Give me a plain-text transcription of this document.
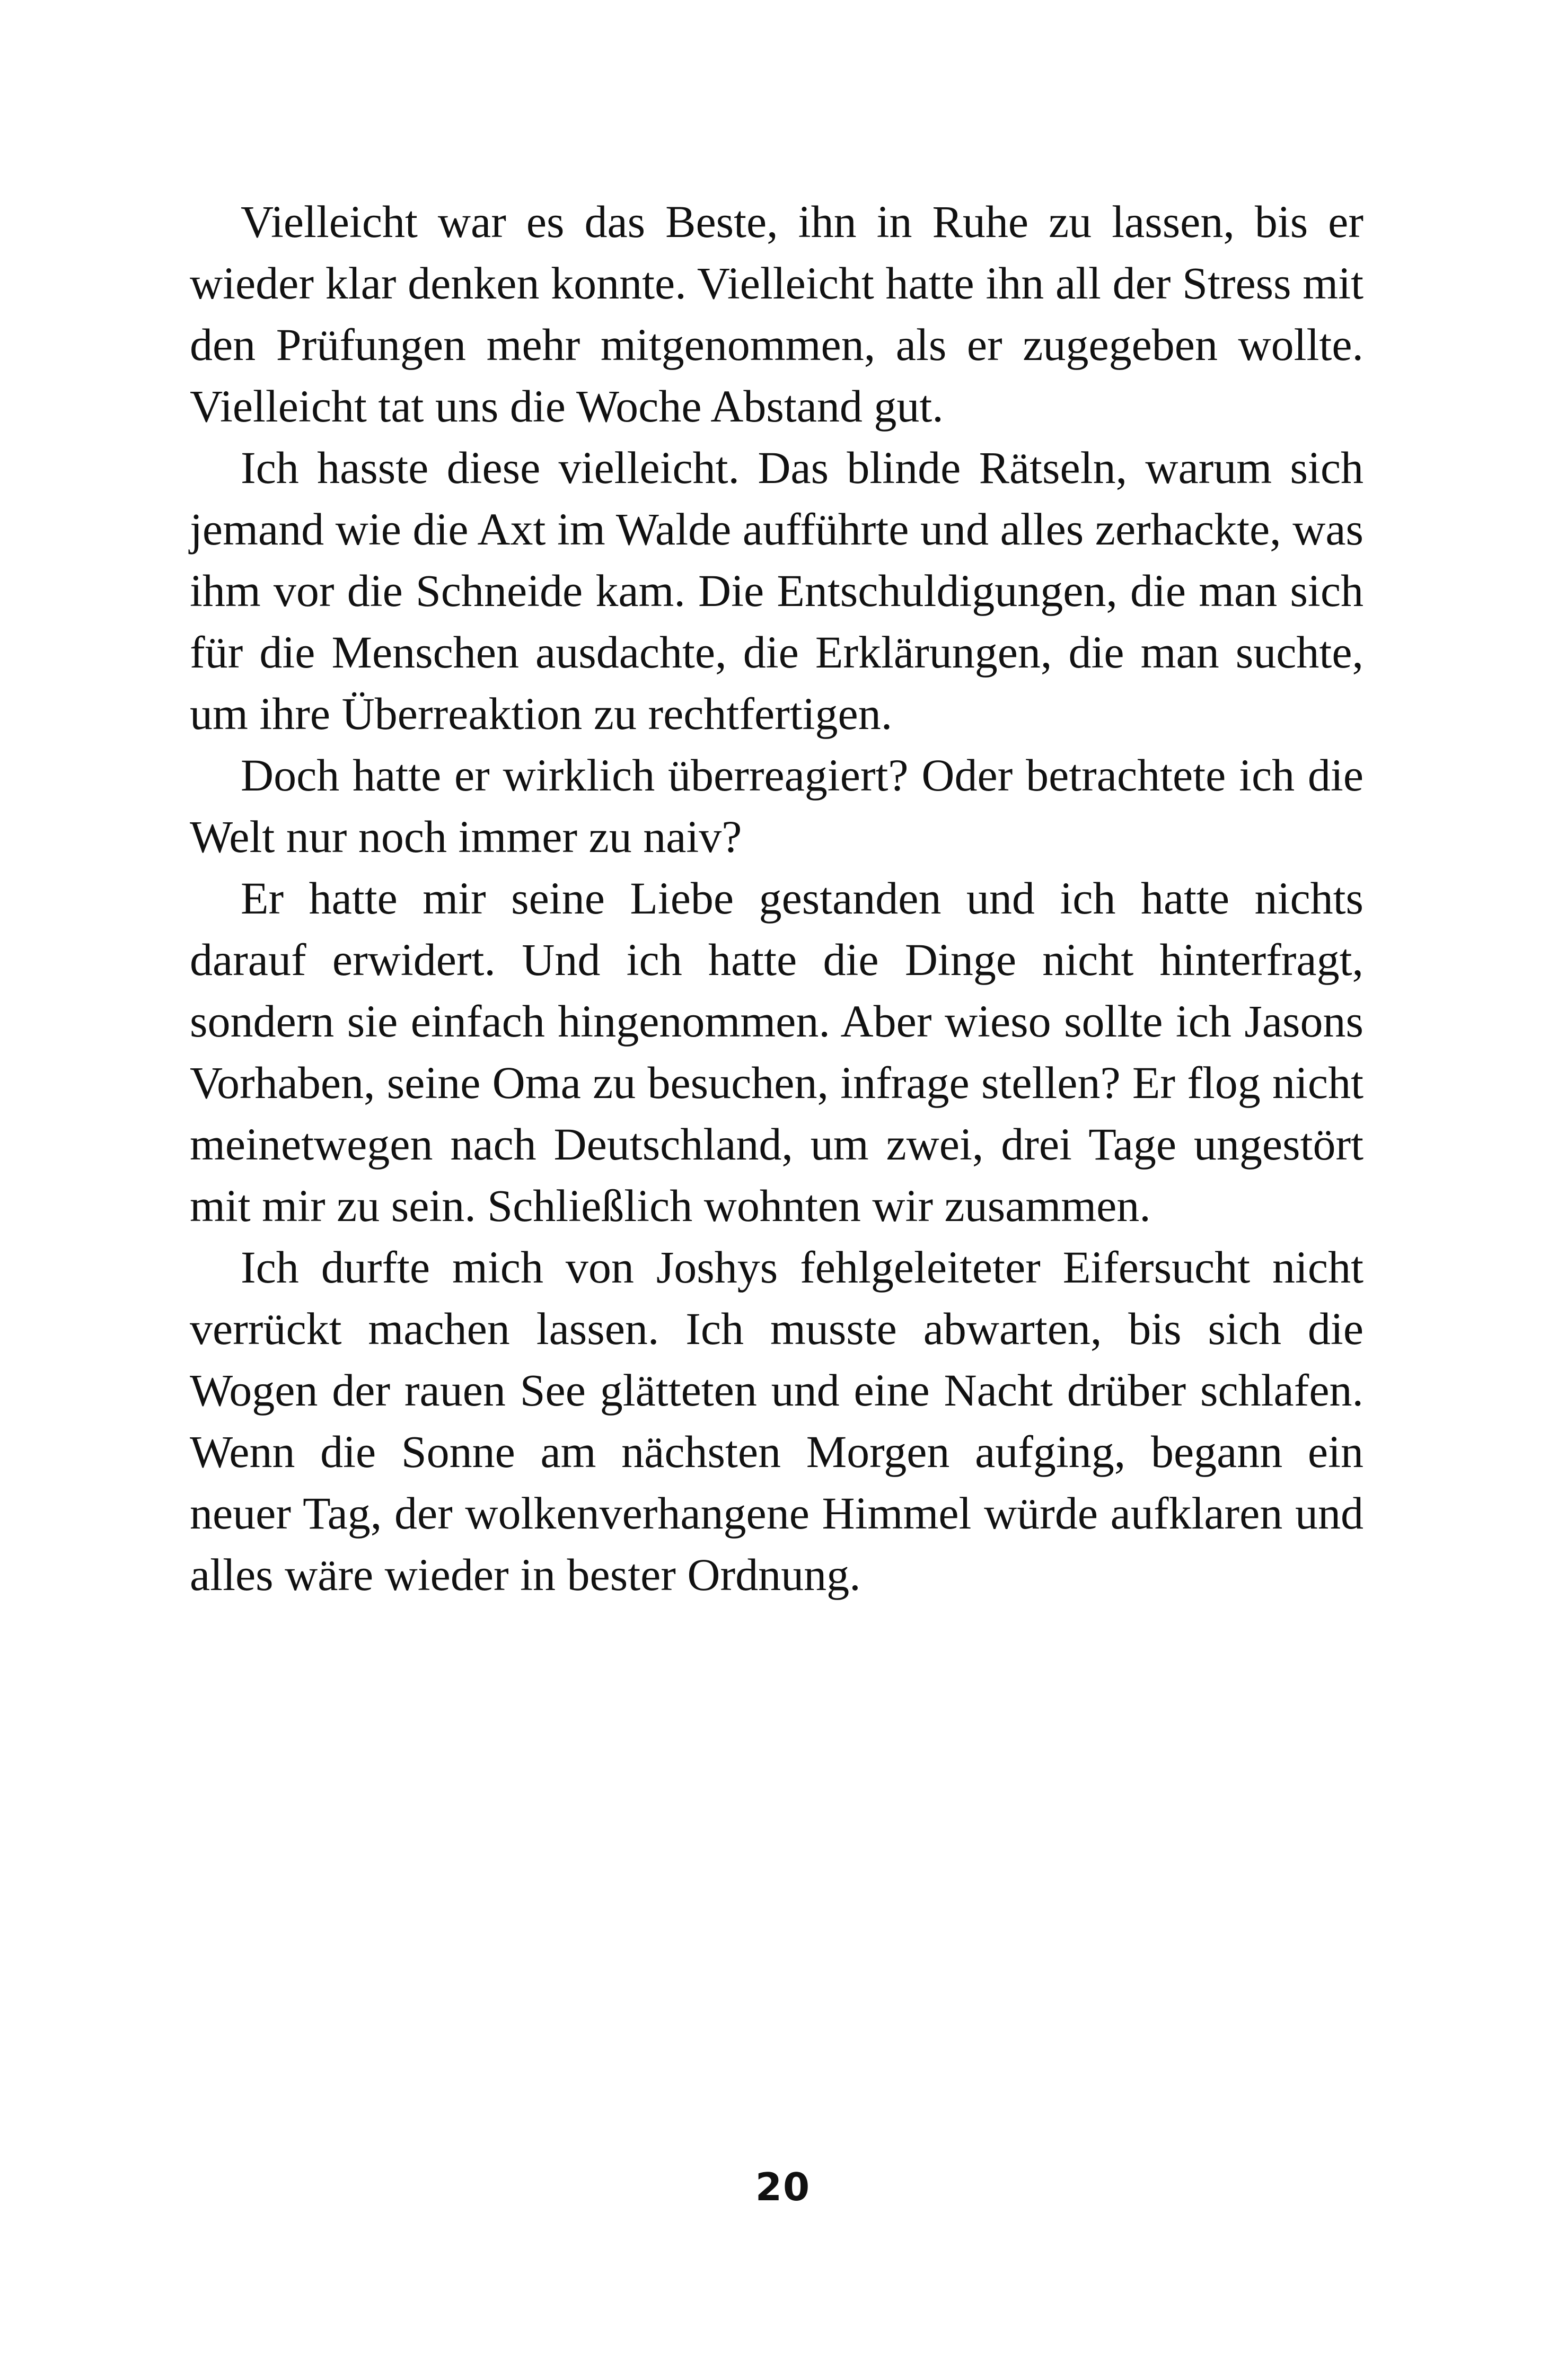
Vielleicht war es das Beste, ihn in Ruhe zu lassen, bis er wieder klar denken konnte. Vielleicht hatte ihn all der Stress mit den Prüfungen mehr mitgenommen, als er zugegeben wollte. Vielleicht tat uns die Woche Abstand gut.

Ich hasste diese vielleicht. Das blinde Rätseln, warum sich jemand wie die Axt im Walde aufführte und alles zerhackte, was ihm vor die Schneide kam. Die Entschuldigungen, die man sich für die Menschen ausdachte, die Erklärungen, die man suchte, um ihre Überreaktion zu rechtfertigen.

Doch hatte er wirklich überreagiert? Oder betrachtete ich die Welt nur noch immer zu naiv?

Er hatte mir seine Liebe gestanden und ich hatte nichts darauf erwidert. Und ich hatte die Dinge nicht hinterfragt, sondern sie einfach hingenommen. Aber wieso sollte ich Jasons Vorhaben, seine Oma zu besuchen, infrage stellen? Er flog nicht meinetwegen nach Deutschland, um zwei, drei Tage ungestört mit mir zu sein. Schließlich wohnten wir zusammen.

Ich durfte mich von Joshys fehlgeleiteter Eifersucht nicht verrückt machen lassen. Ich musste abwarten, bis sich die Wogen der rauen See glätteten und eine Nacht drüber schlafen. Wenn die Sonne am nächsten Morgen aufging, begann ein neuer Tag, der wolkenverhangene Himmel würde aufklaren und alles wäre wieder in bester Ordnung.

20
